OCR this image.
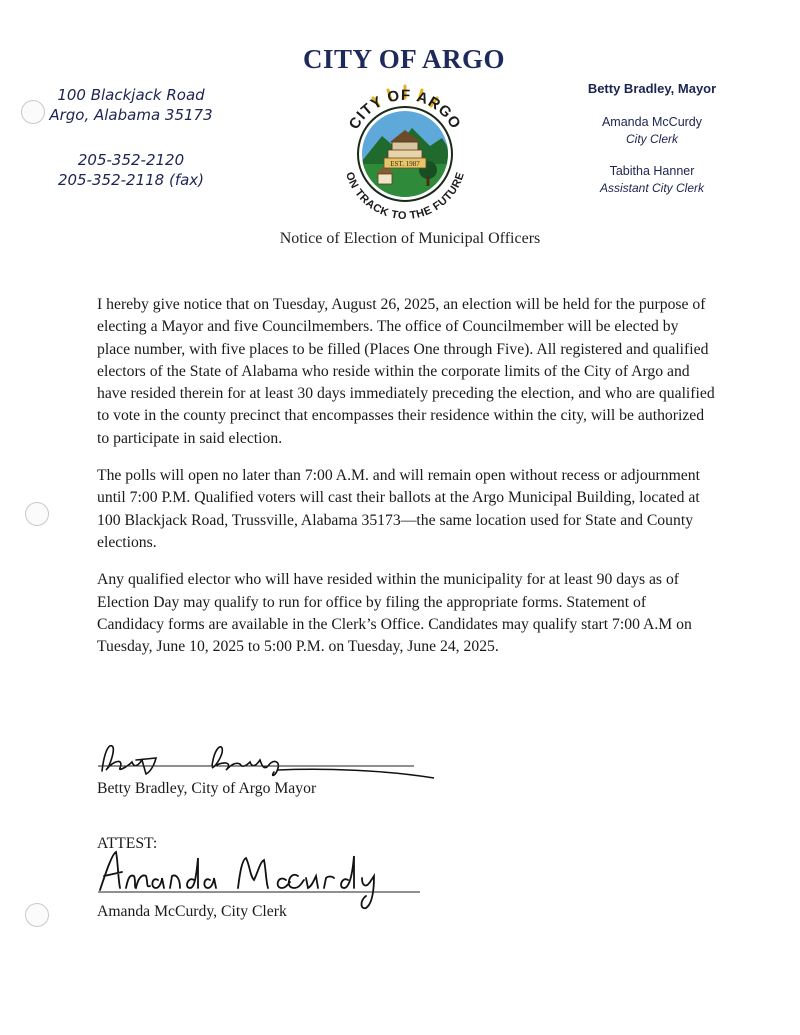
CITY OF ARGO
100 Blackjack Road
Argo, Alabama 35173
205-352-2120
205-352-2118 (fax)
Betty Bradley, Mayor
Amanda McCurdy
City Clerk
Tabitha Hanner
Assistant City Clerk
EST. 1987
CITY OF ARGO
ON TRACK TO THE FUTURE
Notice of Election of Municipal Officers

I hereby give notice that on Tuesday, August 26, 2025, an election will be held for the purpose of electing a Mayor and five Councilmembers. The office of Councilmember will be elected by place number, with five places to be filled (Places One through Five). All registered and qualified electors of the State of Alabama who reside within the corporate limits of the City of Argo and have resided therein for at least 30 days immediately preceding the election, and who are qualified to vote in the county precinct that encompasses their residence within the city, will be authorized to participate in said election.

The polls will open no later than 7:00 A.M. and will remain open without recess or adjournment until 7:00 P.M. Qualified voters will cast their ballots at the Argo Municipal Building, located at 100 Blackjack Road, Trussville, Alabama 35173—the same location used for State and County elections.

Any qualified elector who will have resided within the municipality for at least 90 days as of Election Day may qualify to run for office by filing the appropriate forms. Statement of Candidacy forms are available in the Clerk’s Office. Candidates may qualify start 7:00 A.M on Tuesday, June 10, 2025 to 5:00 P.M. on Tuesday, June 24, 2025.

Betty Bradley, City of Argo Mayor
ATTEST:
Amanda McCurdy, City Clerk
